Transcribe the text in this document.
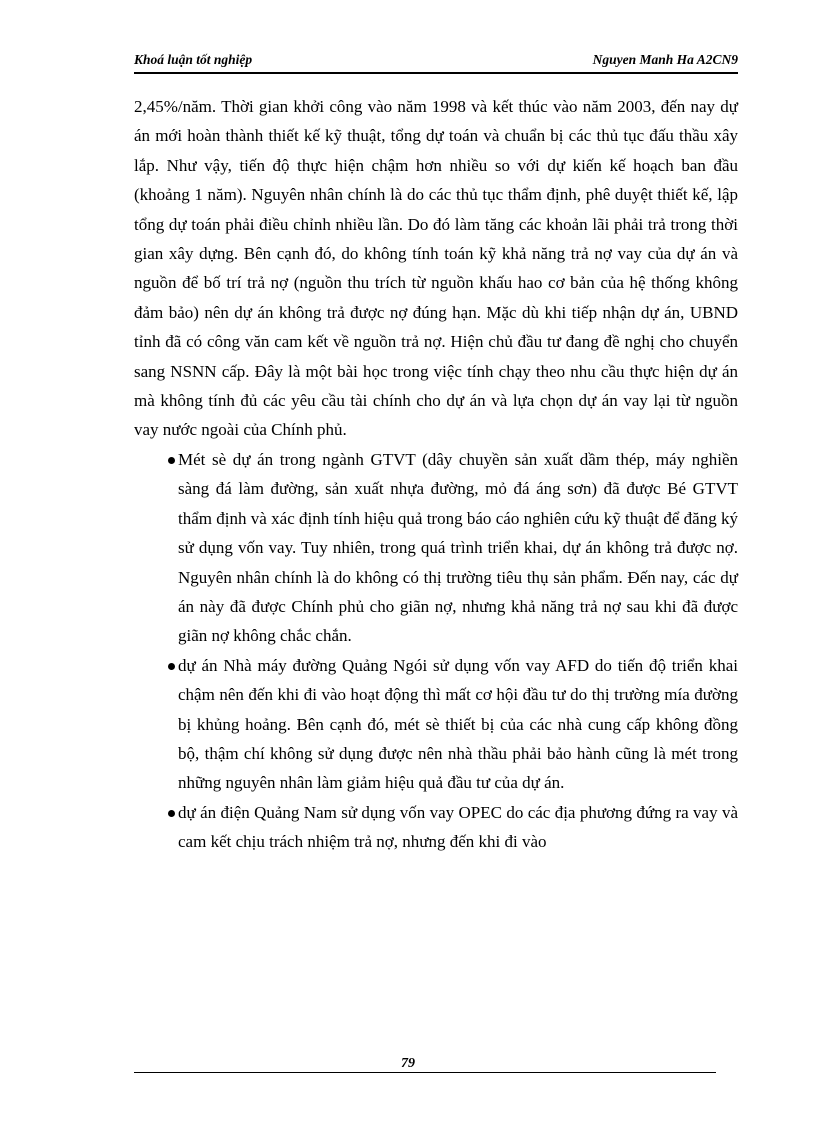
Khoá luận tốt nghiệp	Nguyen Manh Ha A2CN9

2,45%/năm. Thời gian khởi công vào năm 1998 và kết thúc vào năm 2003, đến nay dự án mới hoàn thành thiết kế kỹ thuật, tổng dự toán và chuẩn bị các thủ tục đấu thầu xây lắp. Như vậy, tiến độ thực hiện chậm hơn nhiều so với dự kiến kế hoạch ban đầu (khoảng 1 năm). Nguyên nhân chính là do các thủ tục thẩm định, phê duyệt thiết kế, lập tổng dự toán phải điều chỉnh nhiều lần. Do đó làm tăng các khoản lãi phải trả trong thời gian xây dựng. Bên cạnh đó, do không tính toán kỹ khả năng trả nợ vay của dự án và nguồn để bố trí trả nợ (nguồn thu trích từ nguồn khấu hao cơ bản của hệ thống không đảm bảo) nên dự án không trả được nợ đúng hạn. Mặc dù khi tiếp nhận dự án, UBND tỉnh đã có công văn cam kết về nguồn trả nợ. Hiện chủ đầu tư đang đề nghị cho chuyển sang NSNN cấp. Đây là một bài học trong việc tính chạy theo nhu cầu thực hiện dự án mà không tính đủ các yêu cầu tài chính cho dự án và lựa chọn dự án vay lại từ nguồn vay nước ngoài của Chính phủ.

Mét sè dự án trong ngành GTVT (dây chuyền sản xuất dầm thép, máy nghiền sàng đá làm đường, sản xuất nhựa đường, mỏ đá áng sơn) đã được Bé GTVT thẩm định và xác định tính hiệu quả trong báo cáo nghiên cứu kỹ thuật để đăng ký sử dụng vốn vay. Tuy nhiên, trong quá trình triển khai, dự án không trả được nợ. Nguyên nhân chính là do không có thị trường tiêu thụ sản phẩm. Đến nay, các dự án này đã được Chính phủ cho giãn nợ, nhưng khả năng trả nợ sau khi đã được giãn nợ không chắc chắn.
dự án Nhà máy đường Quảng Ngói sử dụng vốn vay AFD do tiến độ triển khai chậm nên đến khi đi vào hoạt động thì mất cơ hội đầu tư do thị trường mía đường bị khủng hoảng. Bên cạnh đó, mét sè thiết bị của các nhà cung cấp không đồng bộ, thậm chí không sử dụng được nên nhà thầu phải bảo hành cũng là mét trong những nguyên nhân làm giảm hiệu quả đầu tư của dự án.
dự án điện Quảng Nam sử dụng vốn vay OPEC do các địa phương đứng ra vay và cam kết chịu trách nhiệm trả nợ, nhưng đến khi đi vào
79
